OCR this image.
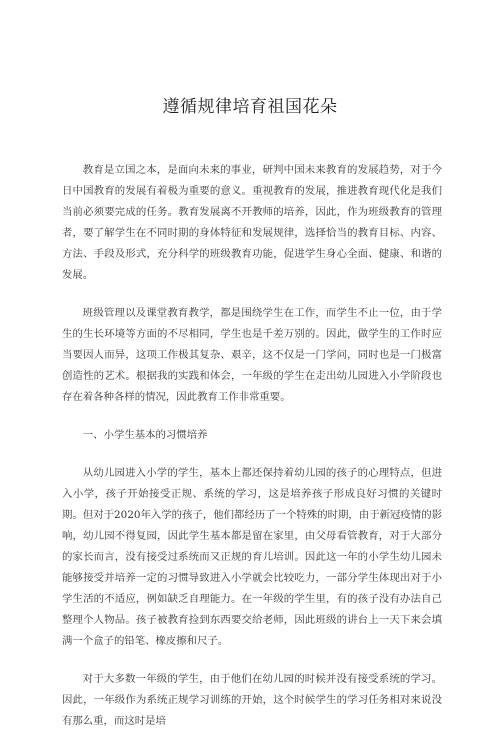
遵循规律培育祖国花朵

教育是立国之本，是面向未来的事业，研判中国未来教育的发展趋势，对于今日中国教育的发展有着极为重要的意义。重视教育的发展，推进教育现代化是我们当前必须要完成的任务。教育发展离不开教师的培养，因此，作为班级教育的管理者，要了解学生在不同时期的身体特征和发展规律，选择恰当的教育目标、内容、方法、手段及形式，充分科学的班级教育功能，促进学生身心全面、健康、和谐的发展。

班级管理以及课堂教育教学，都是围绕学生在工作，而学生不止一位，由于学生的生长环境等方面的不尽相同，学生也是千差万别的。因此，做学生的工作时应当要因人而异，这项工作极其复杂、艰辛，这不仅是一门学问，同时也是一门极富创造性的艺术。根据我的实践和体会，一年级的学生在走出幼儿园进入小学阶段也存在着各种各样的情况，因此教育工作非常重要。

一、小学生基本的习惯培养

从幼儿园进入小学的学生，基本上都还保持着幼儿园的孩子的心理特点，但进入小学，孩子开始接受正规、系统的学习，这是培养孩子形成良好习惯的关键时期。但对于2020年入学的孩子，他们都经历了一个特殊的时期，由于新冠疫情的影响，幼儿园不得复园，因此学生基本都是留在家里，由父母看管教育，对于大部分的家长而言，没有接受过系统而又正规的育儿培训。因此这一年的小学生幼儿园未能够接受并培养一定的习惯导致进入小学就会比较吃力，一部分学生体现出对于小学生活的不适应，例如缺乏自理能力。在一年级的学生里，有的孩子没有办法自己整理个人物品。孩子被教育捡到东西要交给老师，因此班级的讲台上一天下来会填满一个盒子的铅笔、橡皮擦和尺子。

对于大多数一年级的学生，由于他们在幼儿园的时候并没有接受系统的学习。因此，一年级作为系统正规学习训练的开始，这个时候学生的学习任务相对来说没有那么重，而这时是培
